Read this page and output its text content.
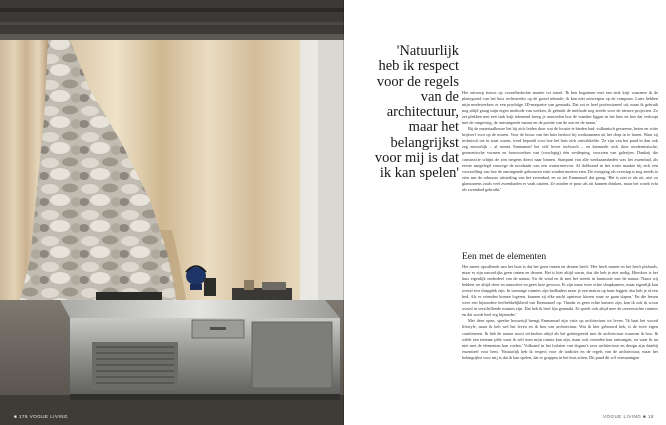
■ 176 VOGUE LIVING
'Natuurlijk heb ik respect voor de regels van de architectuur, maar het belangrijkst voor mij is dat ik kan spelen'

Het ontwerp bouwt op voorafbedachte manier tot stand. 'Ik ben begonnen met een stuk krijt waarmee ik de plattegrond van het huis rechtstreeks op de grond tekende; ik kan niet ontwerpen op de computer. Later hebben mijn medewerkers er een prachtige 3D-maquette van gemaakt. Dat zat er heel professioneel uit, maar ik gebruik nog altijd graag mijn eigen methode van werken, ik gebruik de methode nog steeds voor de nieuwe projecten. Zo zet plekken met een stuk krijt tekenend kreeg je aanvoelen hoe de wanden liggen in het huis en hoe dat verloopt met de omgeving, de ontvangende natuur en de positie van de zon en de maan.'

Bij de materiaalkeuze liet hij zich leiden door wat de locatie te bieden had: vulkanisch gesteente, beton en witte krijtverf voor op de muren. Voor de bouw van het huis besloot hij werkmannen uit het dorp in te huren. Waar zij technisch toe in staat waren, werd bepaald voor hoe het huis zich ontwikkelde. 'Ze zijn van het pand in dan ook zeg entoorlijk – al noemt Emmanuel het zelf liever inchoach – en kenmerkt zich door modernistische, geometrische vormen en bouwwerken van (voorlopig) één verdieping, voorzien van galerijen. Dankzij die constructie schijnt de zon nergens direct naar binnen. Startpunt van alle werkzaamheden was het zwembad, als eerste aangelegd vanwege de noodzaak van een waterreservoir. Al doltbrend in het water maakte hij zich een voorstelling van hoe de omringende gebouwen eruit zouden moeten zien. De overgang als overstap is nog steeds te zien aan de robuuste uitstraling van het zwembad, en zo zet Emmanuel dat graag: 'Het is niet te als uit, niet zo glamoureus zoals veel zwembaden er vaak uitzien. Ze zouden er puur als uit kunnen drinken, maar het wordt echt als zwembad gebruikt.'

Een met de elementen

Het meest opvallende aan het huis is dat het geen ramen en deuren heeft. 'Het heeft muren en het heeft plafonds, maar er zijn nauwelijks geen ramen en deuren. Het is hier altijd warm, dus die heb je niet nodig. Hierdoor is het huis eigenlijk onderdeel van de natuur. En de wind en ik met het steeds in harmonie met de natuur. Naast wij hebben we altijd sfeer en atmosfeer en geen luxe gewoon. Er zijn maar twee echte slaapkamers, maar eigenlijk kan overal een slaapplek zijn. In sommige ruimtes zijn bedkaders maar je een matras op kunt leggen, dus heb je al een bed. Als er vrienden komen logeren, kunnen zij elke nacht opnieuw kiezen waar ze gaan slapen.' En die lessen weer een bijzondere leefhebbelijkheid van Emmanuel op: 'Omdat er geen echte kamers zijn, kan ik ook ik woon overal in verschillende ruimtes zijn. Dat heb ik heel fijn gemaakt. Er speelt ook altijd mee de onverwachte ruimtes en dat wordt heel erg bijzonder.'

Met deze open, speelse bouwstijl brengt Emmanuel zijn visie op architectuur tot leven. 'Ik haat het woord lifestyle, maar ik heb wel het leven en ik hou van architectuur. Wat ik hier gebouwd heb, is de twee eigen combineren. Ik heb de natuur nooit verbroken altijd als het geïntegreerd met de architectuur waarvan ik hou. Ik wilde een intieme plek waar ik zelf men mijn ruimte kan zijn, maar ook vrienden kan ontvangen, en waar ik nu niet met de elementen kan voelen.' Volkomd in het loslaten van dogma's over architectuur en design zijn daarbij essentieel voor hem. 'Natuurlijk heb ik respect voor de tradities en de regels van de architectuur, maar het belangrijkst voor mij is dat ik kan spelen, dat er grappen in het huis zitten. Dit pand dit wil vermaningen

VOGUE LIVING ■ 18
